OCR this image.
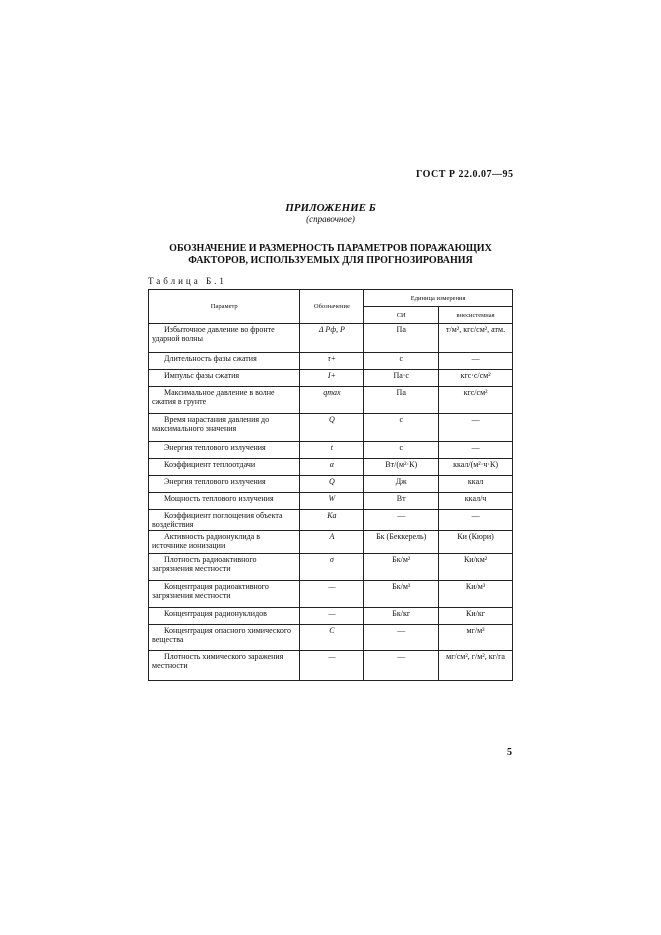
ГОСТ Р 22.0.07—95
ПРИЛОЖЕНИЕ Б
(справочное)
ОБОЗНАЧЕНИЕ И РАЗМЕРНОСТЬ ПАРАМЕТРОВ ПОРАЖАЮЩИХ
ФАКТОРОВ, ИСПОЛЬЗУЕМЫХ ДЛЯ ПРОГНОЗИРОВАНИЯ
Таблица Б.1
Параметр	Обозначение	Единица измерения	
		СИ	внесистемная
Избыточное давление во фронте ударной волны	Δ Pф, P	Па	т/м², кгс/см², атм.
Длительность фазы сжатия	τ+	с	—
Импульс фазы сжатия	I+	Па·с	кгс·с/см²
Максимальное давление в волне сжатия в грунте	qmax	Па	кгс/см²
Время нарастания давления до максимального значения	Q	с	—
Энергия теплового излучения	t	с	—
Коэффициент теплоотдачи	α	Вт/(м²·К)	ккал/(м²·ч·К)
Энергия теплового излучения	Q	Дж	ккал
Мощность теплового излучения	W	Вт	ккал/ч
Коэффициент поглощения объекта воздействия	Ka	—	—
Активность радионуклида в источнике ионизации	A	Бк (Беккерель)	Ки (Кюри)
Плотность радиоактивного загрязнения местности	σ	Бк/м²	Ки/км²
Концентрация радиоактивного загрязнения местности	—	Бк/м³	Ки/м³
Концентрация радионуклидов	—	Бк/кг	Ки/кг
Концентрация опасного химического вещества	C	—	мг/м³
Плотность химического заражения местности	—	—	мг/см², г/м², кг/га
5
